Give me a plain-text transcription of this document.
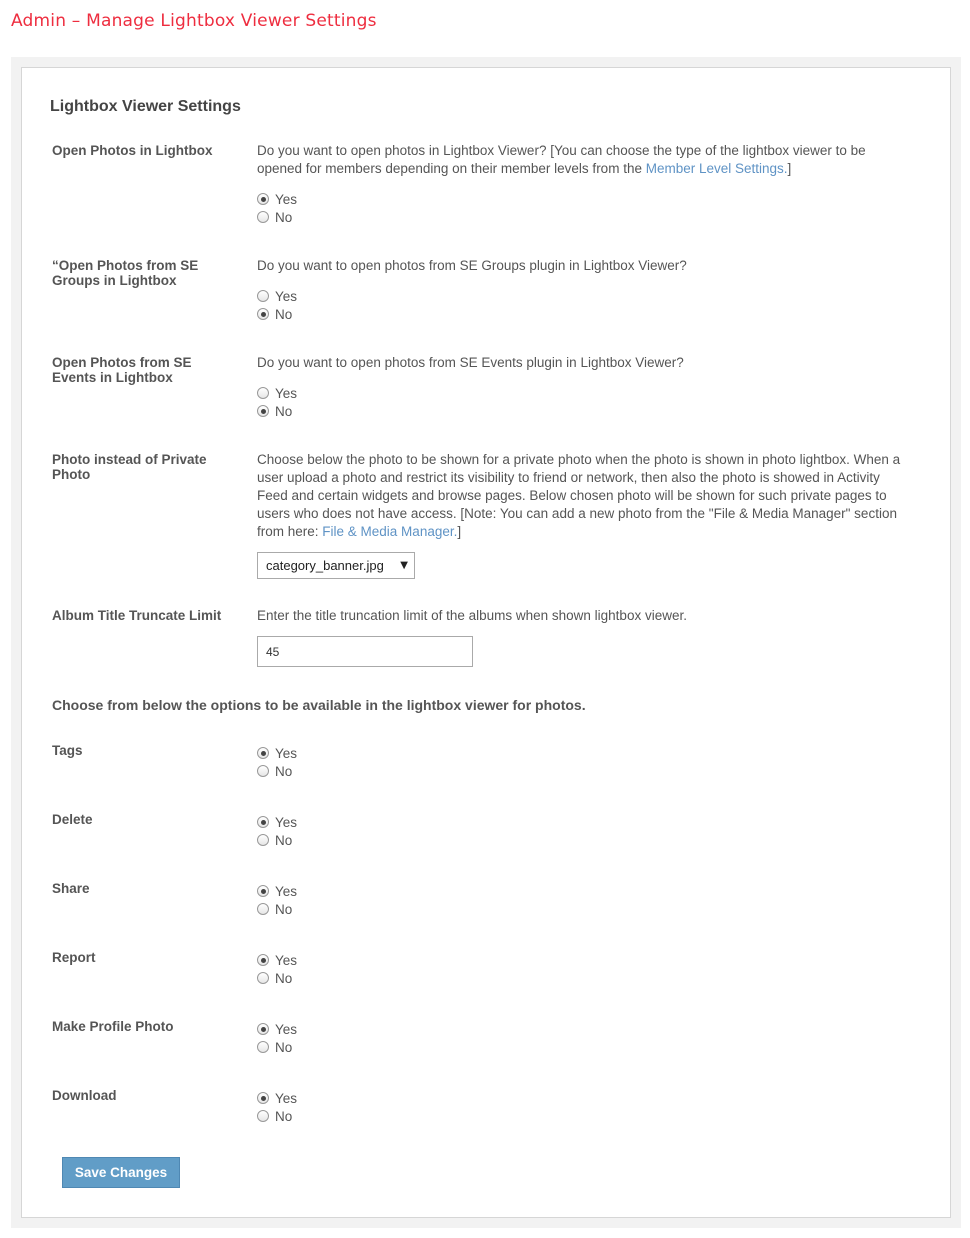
Admin – Manage Lightbox Viewer Settings
Lightbox Viewer Settings
Open Photos in Lightbox	Do you want to open photos in Lightbox Viewer? [You can choose the type of the lightbox viewer to be opened for members depending on their member levels from the Member Level Settings.]
Yes
No
“Open Photos from SE Groups in Lightbox
Do you want to open photos from SE Groups plugin in Lightbox Viewer?
Yes
No
Open Photos from SE Events in Lightbox
Do you want to open photos from SE Events plugin in Lightbox Viewer?
Yes
No
Photo instead of Private Photo
Choose below the photo to be shown for a private photo when the photo is shown in photo lightbox. When a user upload a photo and restrict its visibility to friend or network, then also the photo is showed in Activity Feed and certain widgets and browse pages. Below chosen photo will be shown for such private pages to users who does not have access. [Note: You can add a new photo from the "File & Media Manager" section from here: File & Media Manager.]
category_banner.jpg	▼
Album Title Truncate Limit	Enter the title truncation limit of the albums when shown lightbox viewer.
45
Choose from below the options to be available in the lightbox viewer for photos.
Tags	Yes
No
Delete	Yes
No
Share	Yes
No
Report	Yes
No
Make Profile Photo	Yes
No
Download	Yes
No
Save Changes
